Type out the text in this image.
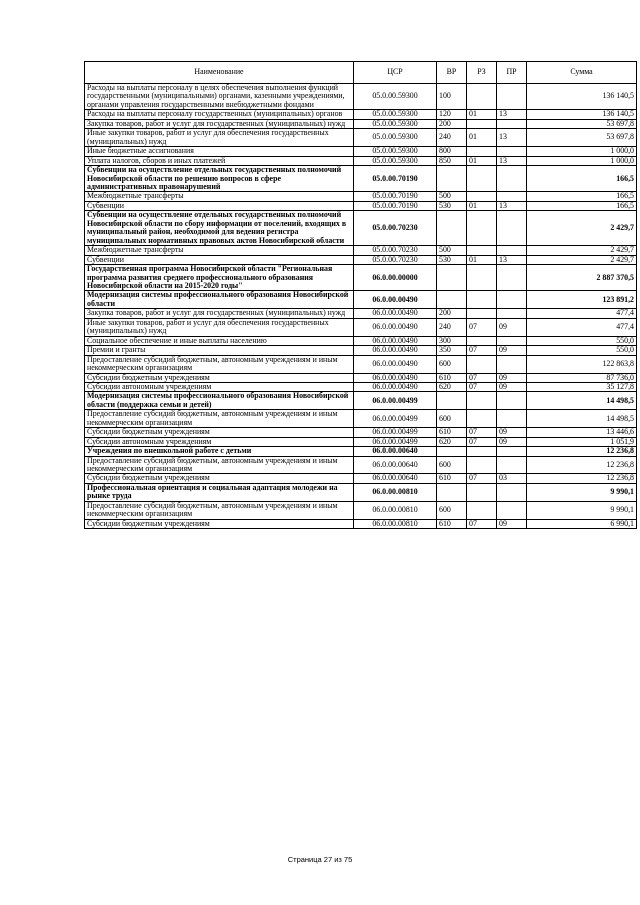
Наименование	ЦСР	ВР	РЗ	ПР	Сумма
Расходы на выплаты персоналу в целях обеспечения выполнения функций государственными (муниципальными) органами, казенными учреждениями, органами управления государственными внебюджетными фондами	05.0.00.59300	100			136 140,5
Расходы на выплаты персоналу государственных (муниципальных) органов	05.0.00.59300	120	01	13	136 140,5
Закупка товаров, работ и услуг для государственных (муниципальных) нужд	05.0.00.59300	200			53 697,8
Иные закупки товаров, работ и услуг для обеспечения государственных (муниципальных) нужд	05.0.00.59300	240	01	13	53 697,8
Иные бюджетные ассигнования	05.0.00.59300	800			1 000,0
Уплата налогов, сборов и иных платежей	05.0.00.59300	850	01	13	1 000,0
Субвенции на осуществление отдельных государственных полномочий Новосибирской области по решению вопросов в сфере административных правонарушений	05.0.00.70190				166,5
Межбюджетные трансферты	05.0.00.70190	500			166,5
Субвенции	05.0.00.70190	530	01	13	166,5
Субвенции на осуществление отдельных государственных полномочий Новосибирской области по сбору информации от поселений, входящих в муниципальный район, необходимой для ведения регистра муниципальных нормативных правовых актов Новосибирской области	05.0.00.70230				2 429,7
Межбюджетные трансферты	05.0.00.70230	500			2 429,7
Субвенции	05.0.00.70230	530	01	13	2 429,7
Государственная программа Новосибирской области "Региональная программа развития среднего профессионального образования Новосибирской области на 2015-2020 годы"	06.0.00.00000				2 887 370,5
Модернизация системы профессионального образования Новосибирской области	06.0.00.00490				123 891,2
Закупка товаров, работ и услуг для государственных (муниципальных) нужд	06.0.00.00490	200			477,4
Иные закупки товаров, работ и услуг для обеспечения государственных (муниципальных) нужд	06.0.00.00490	240	07	09	477,4
Социальное обеспечение и иные выплаты населению	06.0.00.00490	300			550,0
Премии и гранты	06.0.00.00490	350	07	09	550,0
Предоставление субсидий бюджетным, автономным учреждениям и иным некоммерческим организациям	06.0.00.00490	600			122 863,8
Субсидии бюджетным учреждениям	06.0.00.00490	610	07	09	87 736,0
Субсидии автономным учреждениям	06.0.00.00490	620	07	09	35 127,8
Модернизация системы профессионального образования Новосибирской области (поддержка семьи и детей)	06.0.00.00499				14 498,5
Предоставление субсидий бюджетным, автономным учреждениям и иным некоммерческим организациям	06.0.00.00499	600			14 498,5
Субсидии бюджетным учреждениям	06.0.00.00499	610	07	09	13 446,6
Субсидии автономным учреждениям	06.0.00.00499	620	07	09	1 051,9
Учреждения по внешкольной работе с детьми	06.0.00.00640				12 236,8
Предоставление субсидий бюджетным, автономным учреждениям и иным некоммерческим организациям	06.0.00.00640	600			12 236,8
Субсидии бюджетным учреждениям	06.0.00.00640	610	07	03	12 236,8
Профессиональная ориентация и социальная адаптация молодежи на рынке труда	06.0.00.00810				9 990,1
Предоставление субсидий бюджетным, автономным учреждениям и иным некоммерческим организациям	06.0.00.00810	600			9 990,1
Субсидии бюджетным учреждениям	06.0.00.00810	610	07	09	6 990,1
Страница 27 из 75
